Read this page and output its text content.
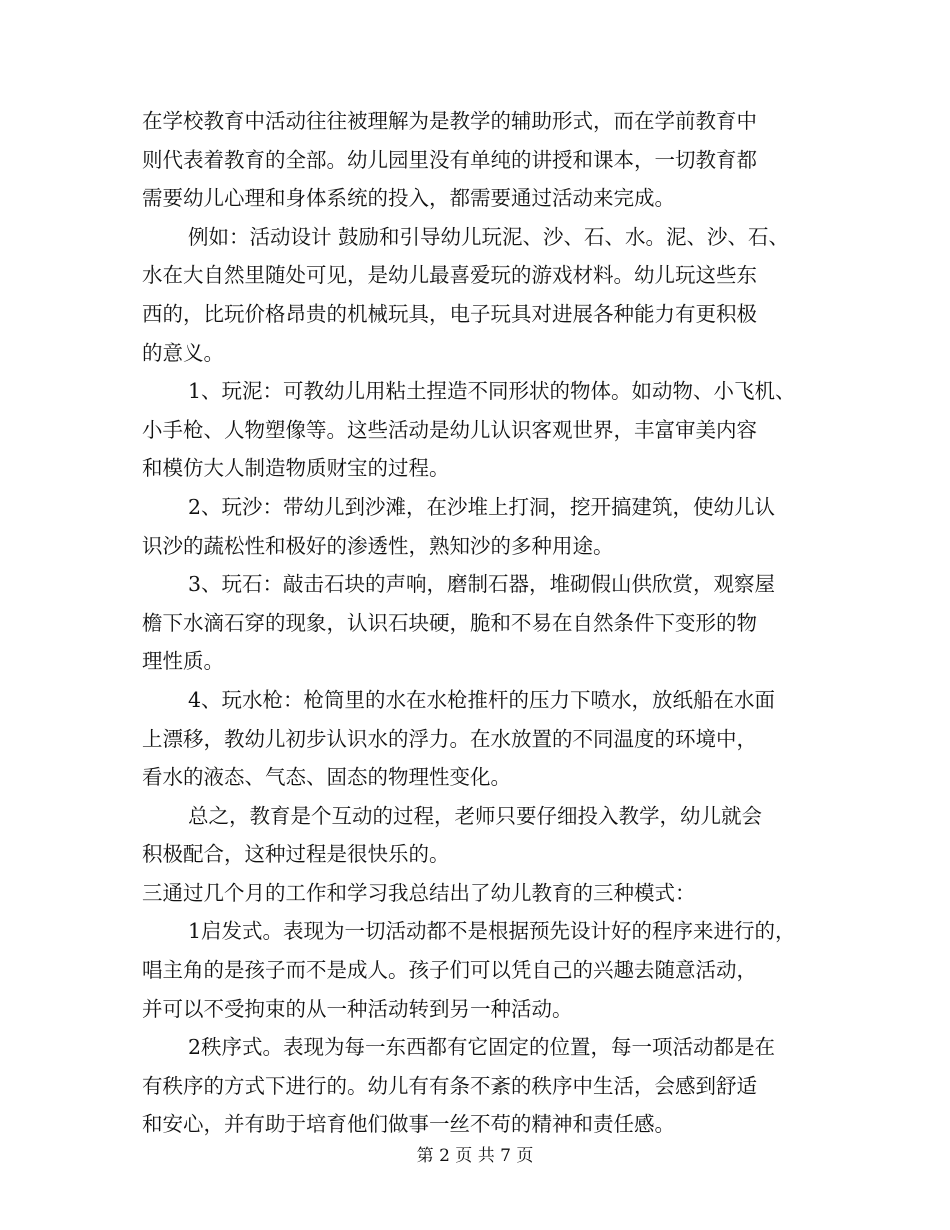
在学校教育中活动往往被理解为是教学的辅助形式，而在学前教育中
则代表着教育的全部。幼儿园里没有单纯的讲授和课本，一切教育都
需要幼儿心理和身体系统的投入，都需要通过活动来完成。
例如：活动设计 鼓励和引导幼儿玩泥、沙、石、水。泥、沙、石、
水在大自然里随处可见，是幼儿最喜爱玩的游戏材料。幼儿玩这些东
西的，比玩价格昂贵的机械玩具，电子玩具对进展各种能力有更积极
的意义。
1、玩泥：可教幼儿用粘土捏造不同形状的物体。如动物、小飞机、
小手枪、人物塑像等。这些活动是幼儿认识客观世界，丰富审美内容
和模仿大人制造物质财宝的过程。
2、玩沙：带幼儿到沙滩，在沙堆上打洞，挖开搞建筑，使幼儿认
识沙的蔬松性和极好的渗透性，熟知沙的多种用途。
3、玩石：敲击石块的声响，磨制石器，堆砌假山供欣赏，观察屋
檐下水滴石穿的现象，认识石块硬，脆和不易在自然条件下变形的物
理性质。
4、玩水枪：枪筒里的水在水枪推杆的压力下喷水，放纸船在水面
上漂移，教幼儿初步认识水的浮力。在水放置的不同温度的环境中，
看水的液态、气态、固态的物理性变化。
总之，教育是个互动的过程，老师只要仔细投入教学，幼儿就会
积极配合，这种过程是很快乐的。
三通过几个月的工作和学习我总结出了幼儿教育的三种模式：
1启发式。表现为一切活动都不是根据预先设计好的程序来进行的，
唱主角的是孩子而不是成人。孩子们可以凭自己的兴趣去随意活动，
并可以不受拘束的从一种活动转到另一种活动。
2秩序式。表现为每一东西都有它固定的位置，每一项活动都是在
有秩序的方式下进行的。幼儿有有条不紊的秩序中生活，会感到舒适
和安心，并有助于培育他们做事一丝不苟的精神和责任感。
第 2 页 共 7 页
